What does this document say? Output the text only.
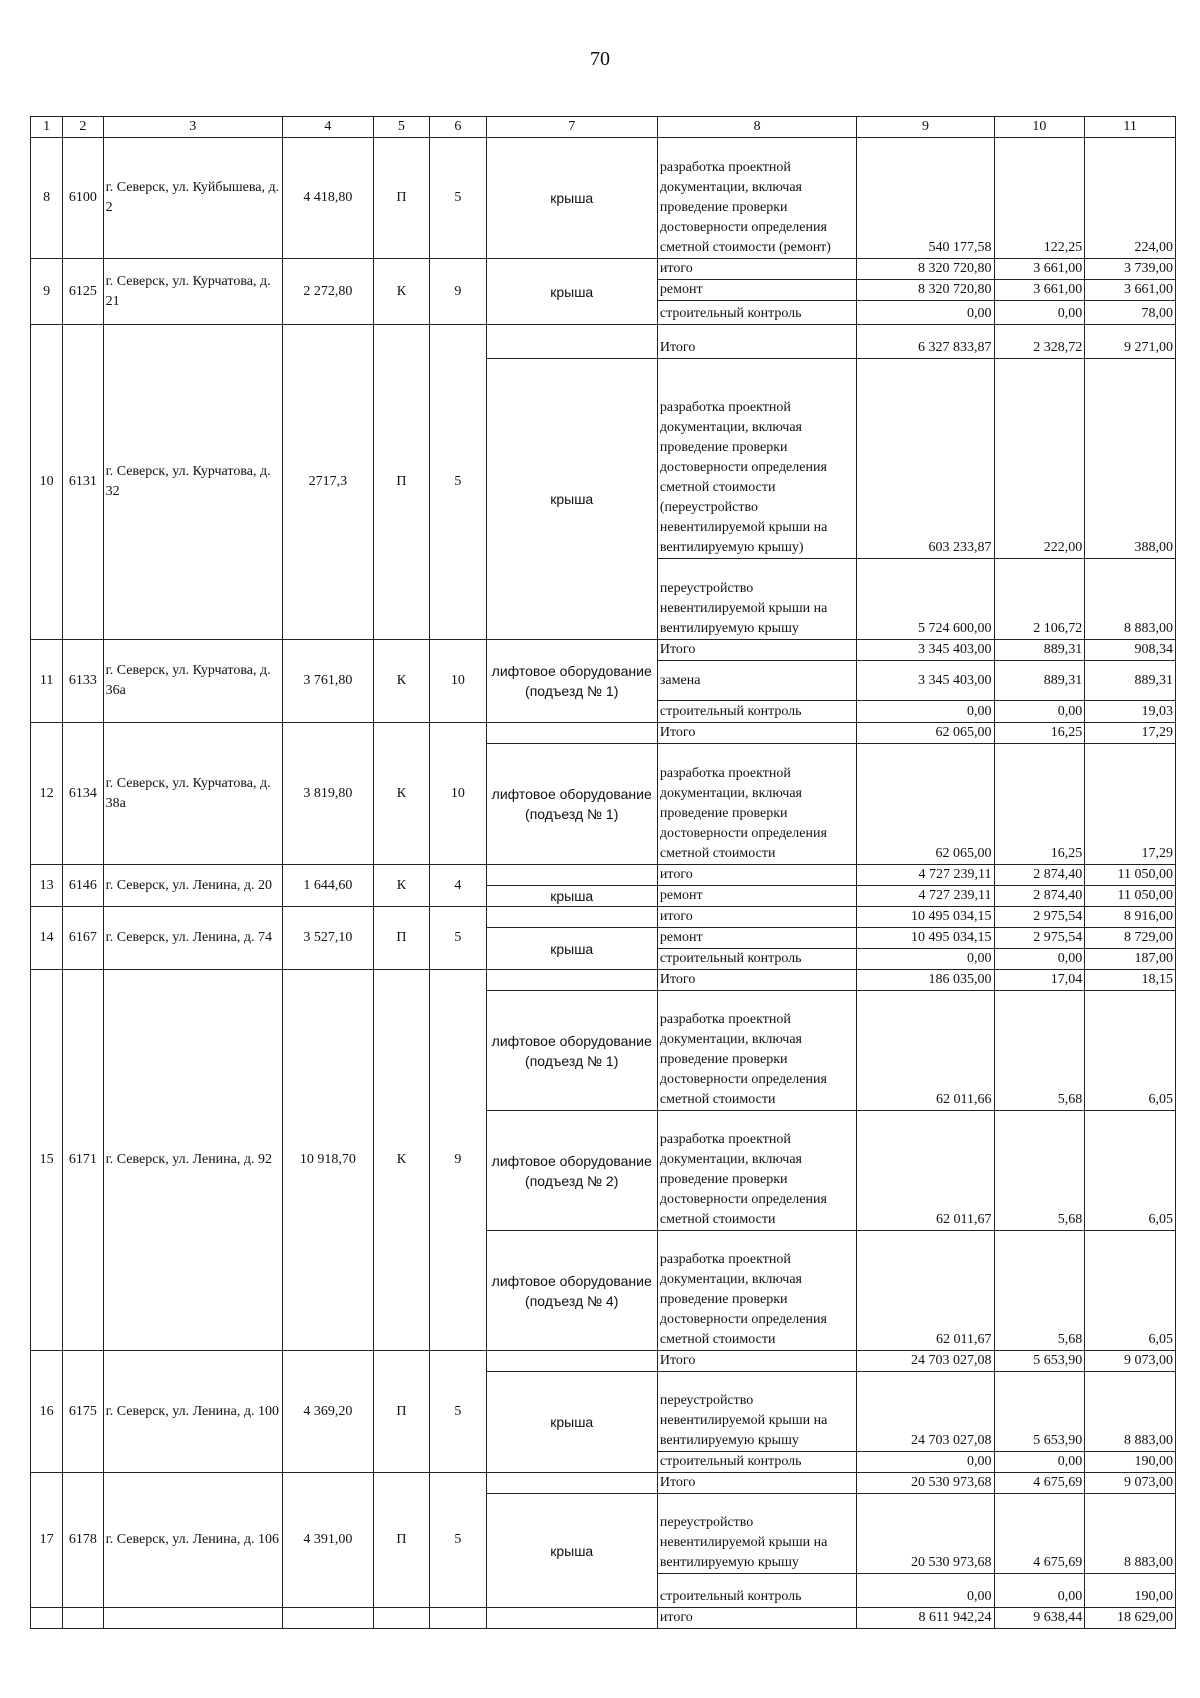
70
1	2	3	4	5	6	7	8	9	10	11
8	6100	г. Северск, ул. Куйбышева, д. 2	4 418,80	П	5	крыша	разработка проектной документации, включая проведение проверки достоверности определения сметной стоимости (ремонт)	540 177,58	122,25	224,00
9	6125	г. Северск, ул. Курчатова, д. 21	2 272,80	К	9	крыша	итого	8 320 720,80	3 661,00	3 739,00
							ремонт	8 320 720,80	3 661,00	3 661,00
							строительный контроль	0,00	0,00	78,00
10	6131	г. Северск, ул. Курчатова, д. 32	2717,3	П	5		Итого	6 327 833,87	2 328,72	9 271,00
						крыша	разработка проектной документации, включая проведение проверки достоверности определения сметной стоимости (переустройство невентилируемой крыши на вентилируемую крышу)	603 233,87	222,00	388,00
							переустройство невентилируемой крыши на вентилируемую крышу	5 724 600,00	2 106,72	8 883,00
11	6133	г. Северск, ул. Курчатова, д. 36а	3 761,80	К	10	лифтовое оборудование (подъезд № 1)	Итого	3 345 403,00	889,31	908,34
							замена	3 345 403,00	889,31	889,31
							строительный контроль	0,00	0,00	19,03
12	6134	г. Северск, ул. Курчатова, д. 38а	3 819,80	К	10		Итого	62 065,00	16,25	17,29
						лифтовое оборудование (подъезд № 1)	разработка проектной документации, включая проведение проверки достоверности определения сметной стоимости	62 065,00	16,25	17,29
13	6146	г. Северск, ул. Ленина, д. 20	1 644,60	К	4		итого	4 727 239,11	2 874,40	11 050,00
						крыша	ремонт	4 727 239,11	2 874,40	11 050,00
14	6167	г. Северск, ул. Ленина, д. 74	3 527,10	П	5		итого	10 495 034,15	2 975,54	8 916,00
						крыша	ремонт	10 495 034,15	2 975,54	8 729,00
							строительный контроль	0,00	0,00	187,00
15	6171	г. Северск, ул. Ленина, д. 92	10 918,70	К	9		Итого	186 035,00	17,04	18,15
						лифтовое оборудование (подъезд № 1)	разработка проектной документации, включая проведение проверки достоверности определения сметной стоимости	62 011,66	5,68	6,05
						лифтовое оборудование (подъезд № 2)	разработка проектной документации, включая проведение проверки достоверности определения сметной стоимости	62 011,67	5,68	6,05
						лифтовое оборудование (подъезд № 4)	разработка проектной документации, включая проведение проверки достоверности определения сметной стоимости	62 011,67	5,68	6,05
16	6175	г. Северск, ул. Ленина, д. 100	4 369,20	П	5		Итого	24 703 027,08	5 653,90	9 073,00
						крыша	переустройство невентилируемой крыши на вентилируемую крышу	24 703 027,08	5 653,90	8 883,00
							строительный контроль	0,00	0,00	190,00
17	6178	г. Северск, ул. Ленина, д. 106	4 391,00	П	5		Итого	20 530 973,68	4 675,69	9 073,00
						крыша	переустройство невентилируемой крыши на вентилируемую крышу	20 530 973,68	4 675,69	8 883,00
							строительный контроль	0,00	0,00	190,00
							итого	8 611 942,24	9 638,44	18 629,00
